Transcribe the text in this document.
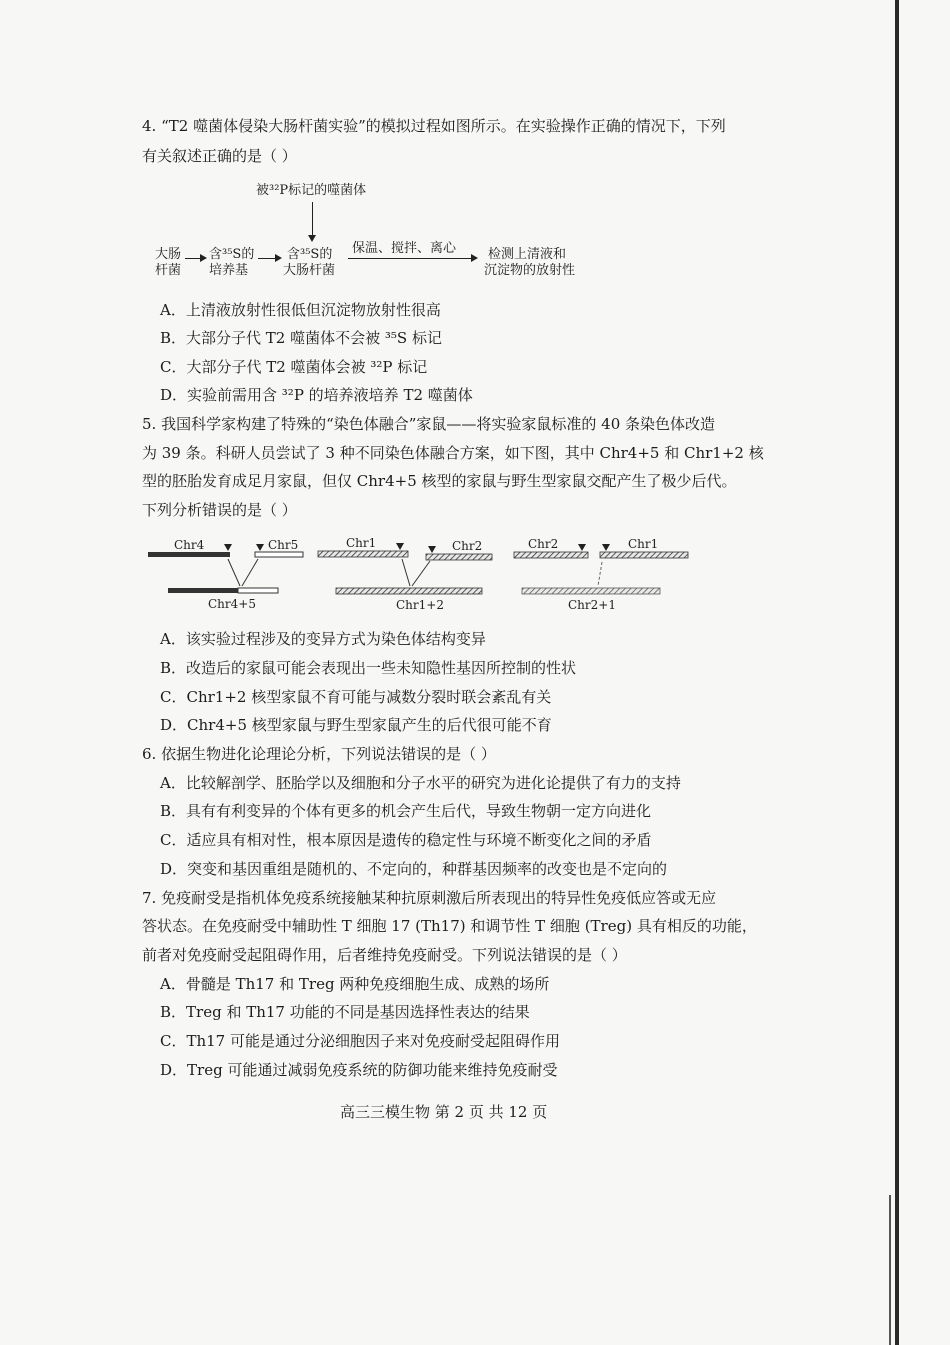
4. “T2 噬菌体侵染大肠杆菌实验”的模拟过程如图所示。在实验操作正确的情况下，下列
有关叙述正确的是（ ）
被³²P标记的噬菌体
大肠
杆菌
含³⁵S的
培养基
含³⁵S的
大肠杆菌
保温、搅拌、离心 检测上清液和
沉淀物的放射性
A．上清液放射性很低但沉淀物放射性很高
B．大部分子代 T2 噬菌体不会被 ³⁵S 标记
C．大部分子代 T2 噬菌体会被 ³²P 标记
D．实验前需用含 ³²P 的培养液培养 T2 噬菌体
5. 我国科学家构建了特殊的“染色体融合”家鼠——将实验家鼠标准的 40 条染色体改造
为 39 条。科研人员尝试了 3 种不同染色体融合方案，如下图，其中 Chr4+5 和 Chr1+2 核
型的胚胎发育成足月家鼠，但仅 Chr4+5 核型的家鼠与野生型家鼠交配产生了极少后代。
下列分析错误的是（ ）
Chr4	Chr5
Chr4+5
Chr1	Chr2
Chr1+2
Chr2	Chr1
Chr2+1
A．该实验过程涉及的变异方式为染色体结构变异
B．改造后的家鼠可能会表现出一些未知隐性基因所控制的性状
C．Chr1+2 核型家鼠不育可能与减数分裂时联会紊乱有关
D．Chr4+5 核型家鼠与野生型家鼠产生的后代很可能不育
6. 依据生物进化论理论分析，下列说法错误的是（ ）
A．比较解剖学、胚胎学以及细胞和分子水平的研究为进化论提供了有力的支持
B．具有有利变异的个体有更多的机会产生后代，导致生物朝一定方向进化
C．适应具有相对性，根本原因是遗传的稳定性与环境不断变化之间的矛盾
D．突变和基因重组是随机的、不定向的，种群基因频率的改变也是不定向的
7. 免疫耐受是指机体免疫系统接触某种抗原刺激后所表现出的特异性免疫低应答或无应
答状态。在免疫耐受中辅助性 T 细胞 17 (Th17) 和调节性 T 细胞 (Treg) 具有相反的功能，
前者对免疫耐受起阻碍作用，后者维持免疫耐受。下列说法错误的是（ ）
A．骨髓是 Th17 和 Treg 两种免疫细胞生成、成熟的场所
B．Treg 和 Th17 功能的不同是基因选择性表达的结果
C．Th17 可能是通过分泌细胞因子来对免疫耐受起阻碍作用
D．Treg 可能通过减弱免疫系统的防御功能来维持免疫耐受
高三三模生物 第 2 页 共 12 页
